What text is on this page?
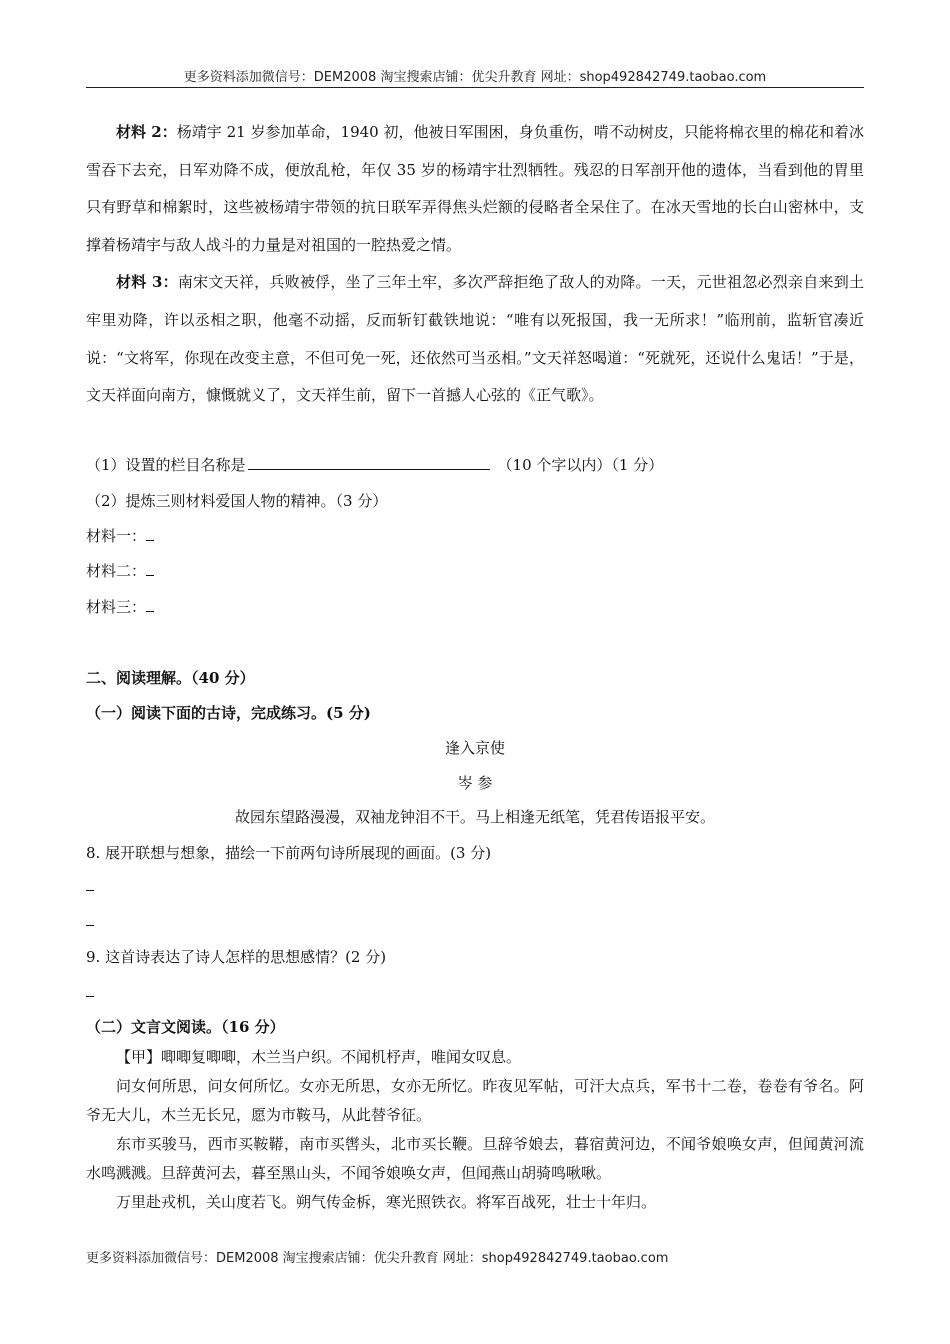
更多资料添加微信号：DEM2008 淘宝搜索店铺：优尖升教育 网址：shop492842749.taobao.com

材料 2：杨靖宇 21 岁参加革命，1940 初，他被日军围困，身负重伤，啃不动树皮，只能将棉衣里的棉花和着冰雪吞下去充，日军劝降不成，便放乱枪，年仅 35 岁的杨靖宇壮烈牺牲。残忍的日军剖开他的遗体，当看到他的胃里只有野草和棉絮时，这些被杨靖宇带领的抗日联军弄得焦头烂额的侵略者全呆住了。在冰天雪地的长白山密林中，支撑着杨靖宇与敌人战斗的力量是对祖国的一腔热爱之情。

材料 3：南宋文天祥，兵败被俘，坐了三年土牢，多次严辞拒绝了敌人的劝降。一天，元世祖忽必烈亲自来到土牢里劝降，许以丞相之职，他毫不动摇，反而斩钉截铁地说：“唯有以死报国，我一无所求！”临刑前，监斩官凑近说：“文将军，你现在改变主意，不但可免一死，还依然可当丞相。”文天祥怒喝道：“死就死，还说什么鬼话！”于是，文天祥面向南方，慷慨就义了，文天祥生前，留下一首撼人心弦的《正气歌》。

（1）设置的栏目名称是	（10 个字以内）（1 分）
（2）提炼三则材料爱国人物的精神。（3 分）
材料一：
材料二：
材料三：
二、阅读理解。（40 分）
（一）阅读下面的古诗，完成练习。(5 分)
逢入京使
岑 参
故园东望路漫漫，双袖龙钟泪不干。马上相逢无纸笔，凭君传语报平安。
8. 展开联想与想象，描绘一下前两句诗所展现的画面。(3 分)
9. 这首诗表达了诗人怎样的思想感情？(2 分)
（二）文言文阅读。（16 分）

【甲】唧唧复唧唧，木兰当户织。不闻机杼声，唯闻女叹息。

问女何所思，问女何所忆。女亦无所思，女亦无所忆。昨夜见军帖，可汗大点兵，军书十二卷，卷卷有爷名。阿爷无大儿，木兰无长兄，愿为市鞍马，从此替爷征。

东市买骏马，西市买鞍鞯，南市买辔头，北市买长鞭。旦辞爷娘去，暮宿黄河边，不闻爷娘唤女声，但闻黄河流水鸣溅溅。旦辞黄河去，暮至黑山头，不闻爷娘唤女声，但闻燕山胡骑鸣啾啾。

万里赴戎机，关山度若飞。朔气传金柝，寒光照铁衣。将军百战死，壮士十年归。

更多资料添加微信号：DEM2008 淘宝搜索店铺：优尖升教育 网址：shop492842749.taobao.com
